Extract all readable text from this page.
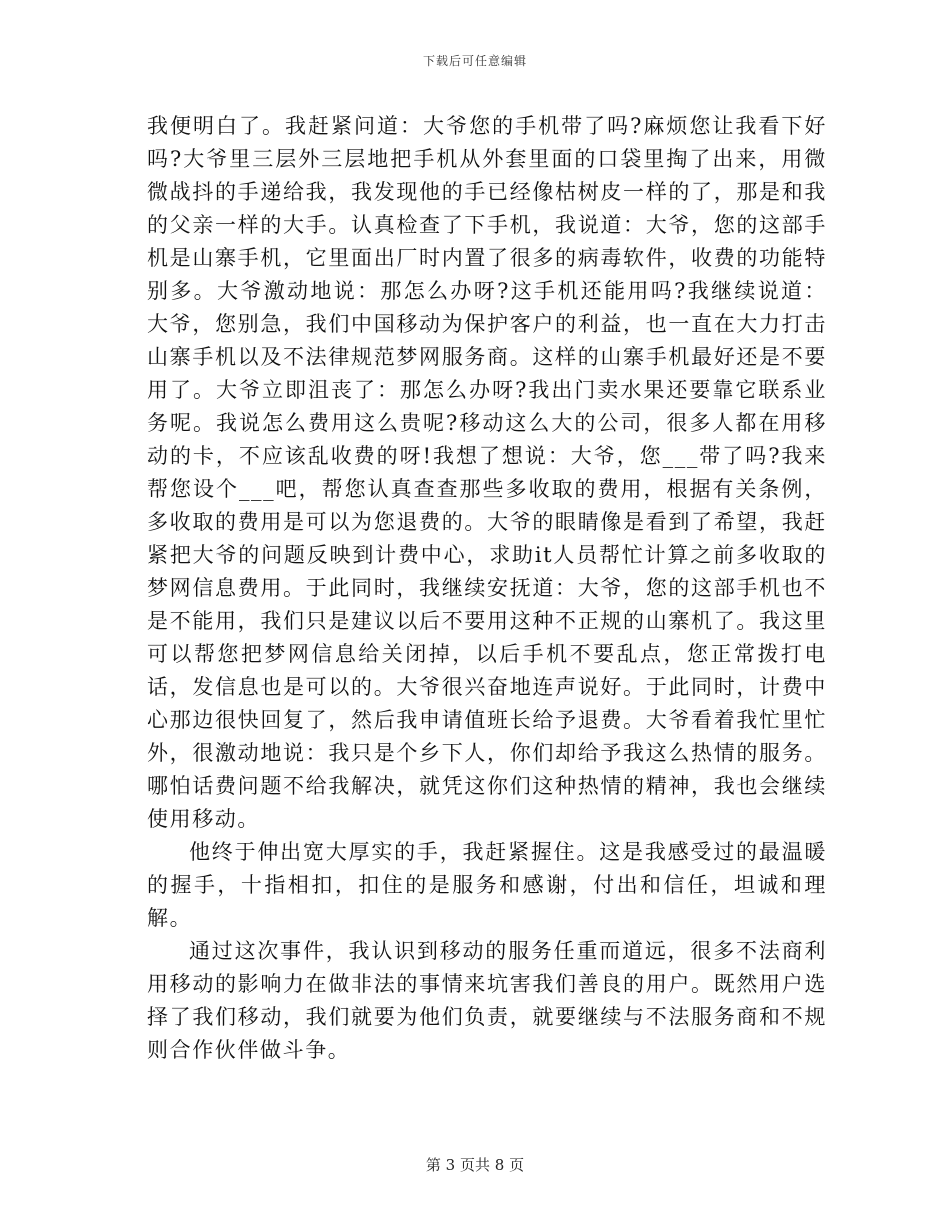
下载后可任意编辑

我便明白了。我赶紧问道：大爷您的手机带了吗?麻烦您让我看下好吗?大爷里三层外三层地把手机从外套里面的口袋里掏了出来，用微微战抖的手递给我，我发现他的手已经像枯树皮一样的了，那是和我的父亲一样的大手。认真检查了下手机，我说道：大爷，您的这部手机是山寨手机，它里面出厂时内置了很多的病毒软件，收费的功能特别多。大爷激动地说：那怎么办呀?这手机还能用吗?我继续说道：大爷，您别急，我们中国移动为保护客户的利益，也一直在大力打击山寨手机以及不法律规范梦网服务商。这样的山寨手机最好还是不要用了。大爷立即沮丧了：那怎么办呀?我出门卖水果还要靠它联系业务呢。我说怎么费用这么贵呢?移动这么大的公司，很多人都在用移动的卡，不应该乱收费的呀!我想了想说：大爷，您___带了吗?我来帮您设个___吧，帮您认真查查那些多收取的费用，根据有关条例，多收取的费用是可以为您退费的。大爷的眼睛像是看到了希望，我赶紧把大爷的问题反映到计费中心，求助it人员帮忙计算之前多收取的梦网信息费用。于此同时，我继续安抚道：大爷，您的这部手机也不是不能用，我们只是建议以后不要用这种不正规的山寨机了。我这里可以帮您把梦网信息给关闭掉，以后手机不要乱点，您正常拨打电话，发信息也是可以的。大爷很兴奋地连声说好。于此同时，计费中心那边很快回复了，然后我申请值班长给予退费。大爷看着我忙里忙外，很激动地说：我只是个乡下人，你们却给予我这么热情的服务。哪怕话费问题不给我解决，就凭这你们这种热情的精神，我也会继续使用移动。

他终于伸出宽大厚实的手，我赶紧握住。这是我感受过的最温暖的握手，十指相扣，扣住的是服务和感谢，付出和信任，坦诚和理解。

通过这次事件，我认识到移动的服务任重而道远，很多不法商利用移动的影响力在做非法的事情来坑害我们善良的用户。既然用户选择了我们移动，我们就要为他们负责，就要继续与不法服务商和不规则合作伙伴做斗争。

第 3 页共 8 页
